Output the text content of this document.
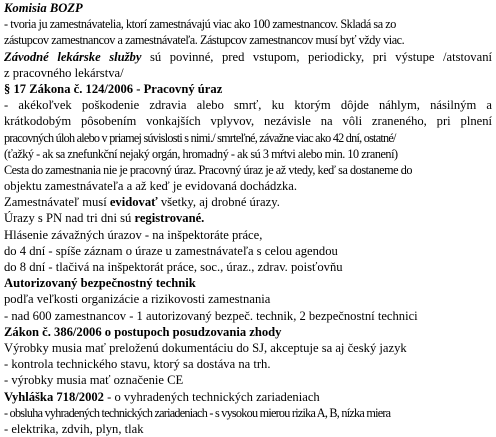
Komisia BOZP
- tvoria ju zamestnávatelia, ktorí zamestnávajú viac ako 100 zamestnancov. Skladá sa zo
zástupcov zamestnancov a zamestnávateľa. Zástupcov zamestnancov musí byť vždy viac.
Závodné lekárske služby sú povinné, pred vstupom, periodicky, pri výstupe /atstovaní
z pracovného lekárstva/
§ 17 Zákona č. 124/2006 - Pracovný úraz
- akékoľvek poškodenie zdravia alebo smrť, ku ktorým dôjde náhlym, násilným a
krátkodobým pôsobením vonkajších vplyvov, nezávisle na vôli zraneného, pri plnení
pracovných úloh alebo v priamej súvislosti s nimi./ smrteľné, závažne viac ako 42 dní, ostatné/
(ťažký - ak sa znefunkční nejaký orgán, hromadný - ak sú 3 mŕtvi alebo min. 10 zranení)
Cesta do zamestnania nie je pracovný úraz. Pracovný úraz je až vtedy, keď sa dostaneme do
objektu zamestnávateľa a až keď je evidovaná dochádzka.
Zamestnávateľ musí evidovať všetky, aj drobné úrazy.
Úrazy s PN nad tri dni sú registrované.
Hlásenie závažných úrazov - na inšpektoráte práce,
do 4 dní - spíše záznam o úraze u zamestnávateľa s celou agendou
do 8 dní - tlačivá na inšpektorát práce, soc., úraz., zdrav. poisťovňu
Autorizovaný bezpečnostný technik
podľa veľkosti organizácie a rizikovosti zamestnania
- nad 600 zamestnancov - 1 autorizovaný bezpeč. technik, 2 bezpečnostní technici
Zákon č. 386/2006 o postupoch posudzovania zhody
Výrobky musia mať preloženú dokumentáciu do SJ, akceptuje sa aj český jazyk
- kontrola technického stavu, ktorý sa dostáva na trh.
- výrobky musia mať označenie CE
Vyhláška 718/2002 - o vyhradených technických zariadeniach
- obsluha vyhradených technických zariadeniach - s vysokou mierou rizika A, B, nízka miera
- elektrika, zdvih, plyn, tlak
